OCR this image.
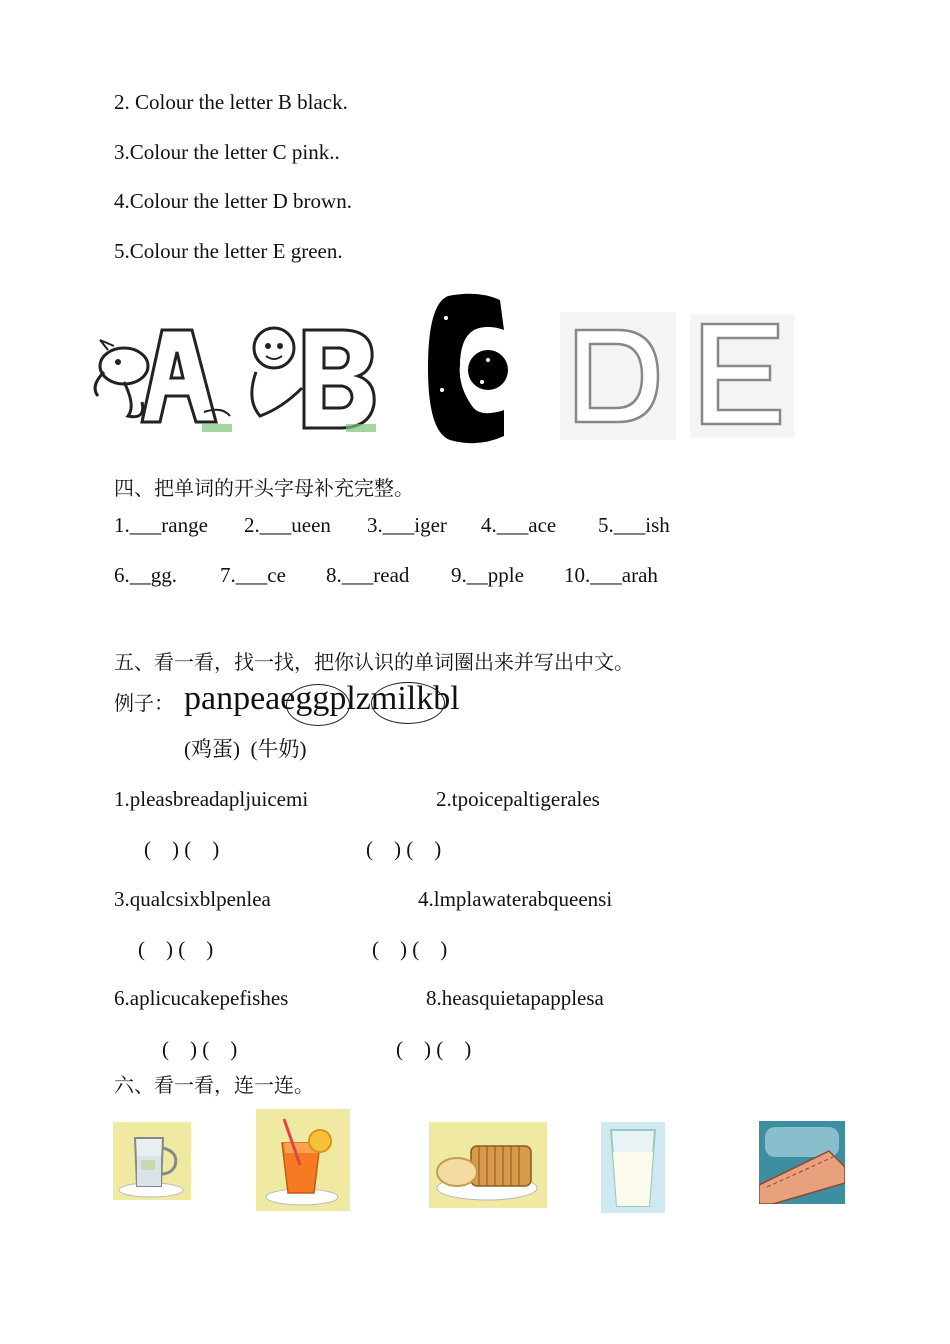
2. Colour the letter B black.
3.Colour the letter C pink..
4.Colour the letter D brown.
5.Colour the letter E green.
四、把单词的开头字母补充完整。
1.___range 2.___ueen 3.___iger 4.___ace 5.___ish
6.__gg. 7.___ce 8.___read 9.__pple 10.___arah
五、看一看，找一找，把你认识的单词圈出来并写出中文。
例子： panpeaeggplzmilkbl
(鸡蛋)  (牛奶)
1.pleasbreadapljuicemi	2.tpoicepaltigerales
(    ) (    )	(    ) (    )
3.qualcsixblpenlea	4.lmplawaterabqueensi
(    ) (    )	(    ) (    )
6.aplicucakepefishes	8.heasquietapapplesa
(    ) (    )	(    ) (    )
六、看一看，连一连。
